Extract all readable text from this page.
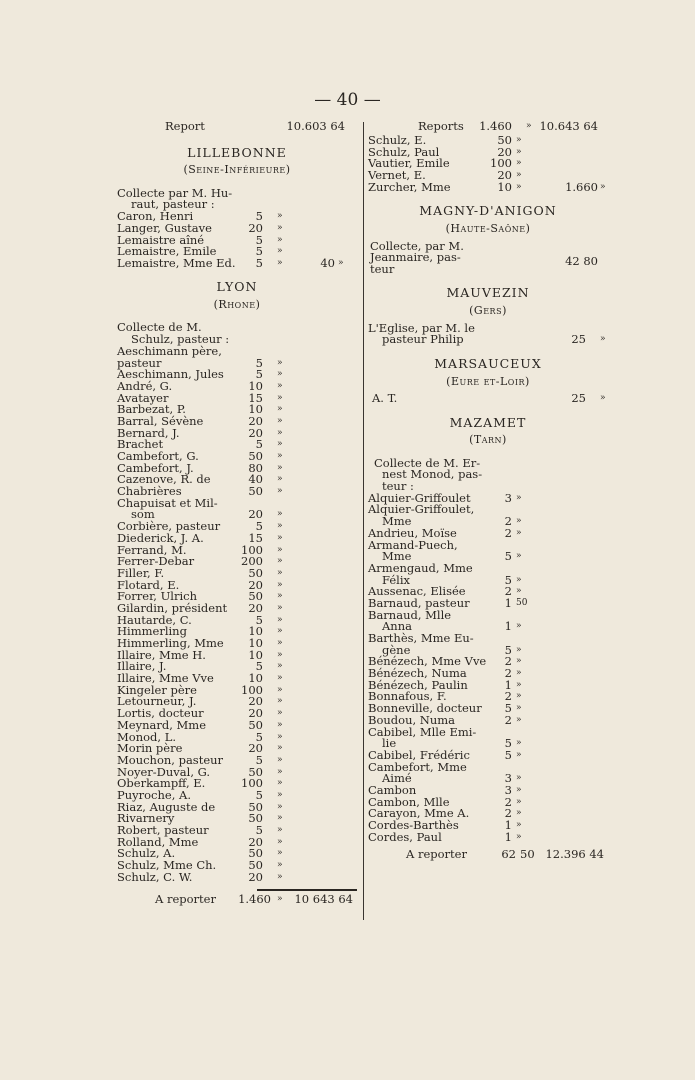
— 40 —
Report	10.603 64
LILLEBONNE
(Seine-Inférieure)
Collecte par M. Hu-
raut, pasteur :
Caron, Henri	5 »
Langer, Gustave	20 »
Lemaistre aîné	5 »
Lemaistre, Emile	5 »
Lemaistre, Mme Ed.	5 »	40 »
LYON
(Rhone)
Collecte de M.
Schulz, pasteur :
Aeschimann père,
pasteur	5 »
Aeschimann, Jules	5 »
André, G.	10 »
Avatayer	15 »
Barbezat, P.	10 »
Barral, Sévène	20 »
Bernard, J.	20 »
Brachet	5 »
Cambefort, G.	50 »
Cambefort, J.	80 »
Cazenove, R. de	40 »
Chabrières	50 »
Chapuisat et Mil-
som	20 »
Corbière, pasteur	5 »
Diederick, J. A.	15 »
Ferrand, M.	100 »
Ferrer-Debar	200 »
Filler, F.	50 »
Flotard, E.	20 »
Forrer, Ulrich	50 »
Gilardin, président	20 »
Hautarde, C.	5 »
Himmerling	10 »
Himmerling, Mme	10 »
Illaire, Mme H.	10 »
Illaire, J.	5 »
Illaire, Mme Vve	10 »
Kingeler père	100 »
Letourneur, J.	20 »
Lortis, docteur	20 »
Meynard, Mme	50 »
Monod, L.	5 »
Morin père	20 »
Mouchon, pasteur	5 »
Noyer-Duval, G.	50 »
Oberkampff, E.	100 »
Puyroche, A.	5 »
Riaz, Auguste de	50 »
Rivarnery	50 »
Robert, pasteur	5 »
Rolland, Mme	20 »
Schulz, A.	50 »
Schulz, Mme Ch.	50 »
Schulz, C. W.	20 »
A reporter 1.460 » 10 643 64
Reports 1.460 » 10.643 64
Schulz, E.	50 »
Schulz, Paul	20 »
Vautier, Emile	100 »
Vernet, E.	20 »
Zurcher, Mme	10 »	1.660 »
MAGNY-D'ANIGON
(Haute-Saône)
Collecte, par M.
Jeanmaire, pas-
teur
42 80
MAUVEZIN
(Gers)
L'Eglise, par M. le
pasteur Philip	25 »
MARSAUCEUX
(Eure et-Loir)
A. T.	25 »
MAZAMET
(Tarn)
Collecte de M. Er-
nest Monod, pas-
teur :
Alquier-Griffoulet	3 »
Alquier-Griffoulet,
Mme	2 »
Andrieu, Moïse	2 »
Armand-Puech,
Mme	5 »
Armengaud, Mme
Félix	5 »
Aussenac, Elisée	2 »
Barnaud, pasteur	1 50
Barnaud, Mlle
Anna	1 »
Barthès, Mme Eu-
gène	5 »
Bénézech, Mme Vve	2 »
Bénézech, Numa	2 »
Bénézech, Paulin	1 »
Bonnafous, F.	2 »
Bonneville, docteur	5 »
Boudou, Numa	2 »
Cabibel, Mlle Emi-
lie	5 »
Cabibel, Frédéric	5 »
Cambefort, Mme
Aimé	3 »
Cambon	3 »
Cambon, Mlle	2 »
Carayon, Mme A.	2 »
Cordes-Barthès	1 »
Cordes, Paul	1 »
A reporter	62 50 12.396 44
